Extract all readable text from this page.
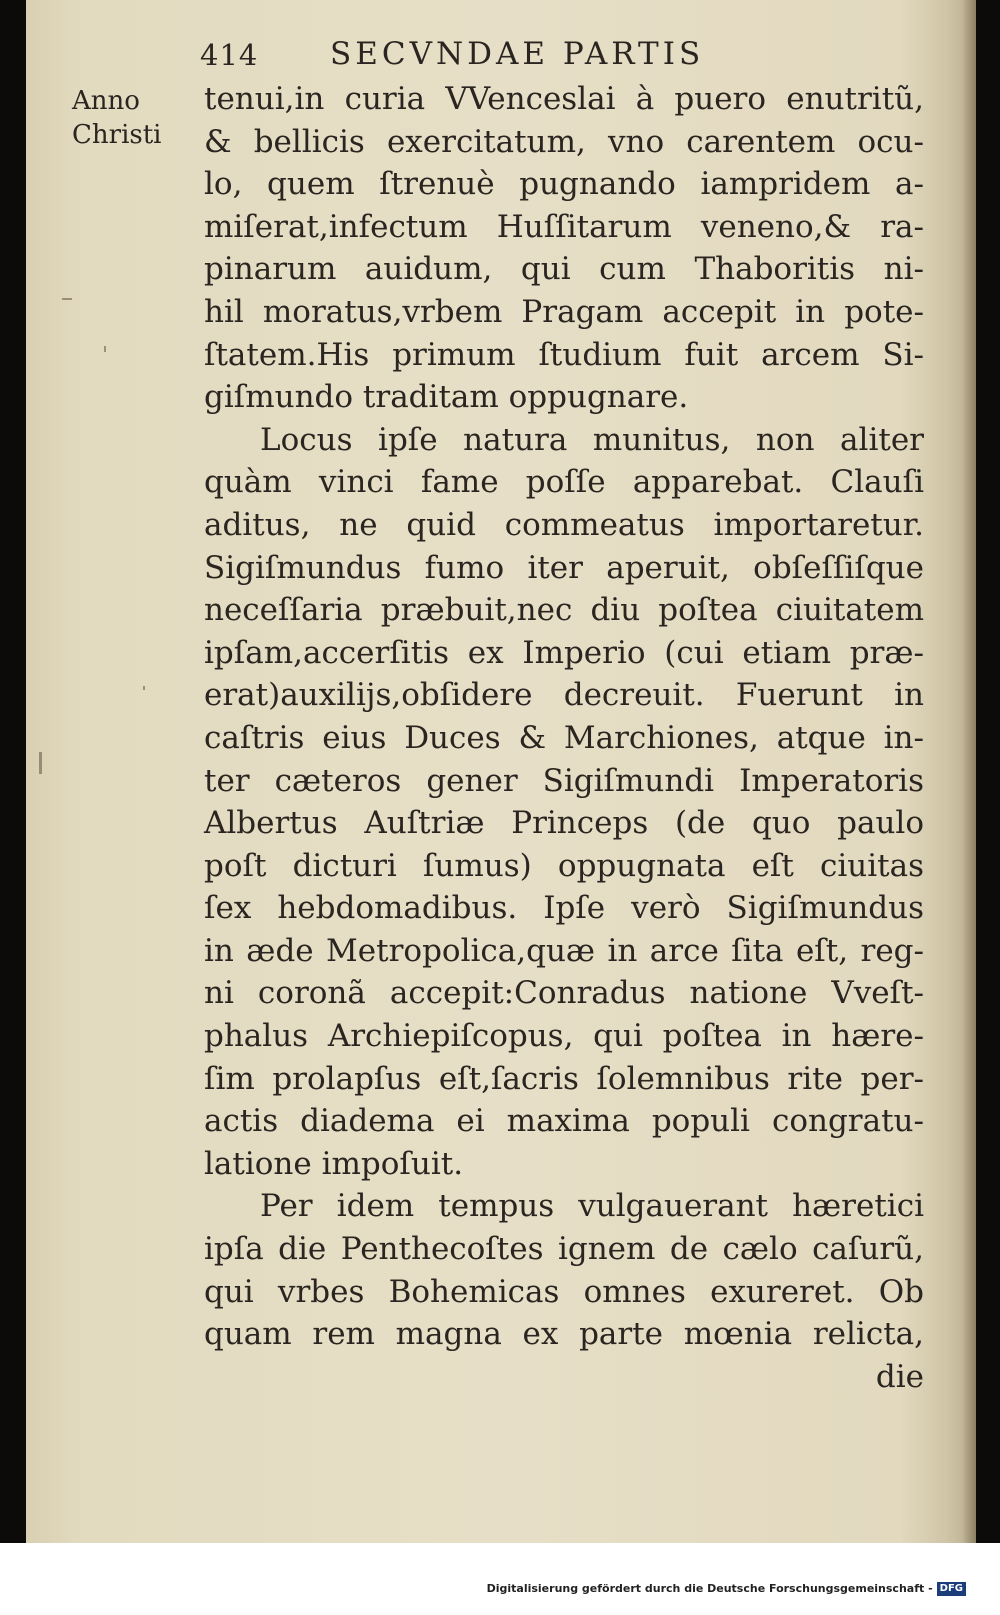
414 SECVNDAE PARTIS
Anno
Christi
tenui,in curia VVenceslai à puero enutritũ,
& bellicis exercitatum, vno carentem ocu-
lo, quem ſtrenuè pugnando iampridem a-
miſerat,infectum Huſſitarum veneno,& ra-
pinarum auidum, qui cum Thaboritis ni-
hil moratus,vrbem Pragam accepit in pote-
ſtatem.His primum ſtudium fuit arcem Si-
giſmundo traditam oppugnare.
Locus ipſe natura munitus, non aliter
quàm vinci fame poſſe apparebat. Clauſi
aditus, ne quid commeatus importaretur.
Sigiſmundus fumo iter aperuit, obſeſſiſque
neceſſaria præbuit,nec diu poſtea ciuitatem
ipſam,accerſitis ex Imperio (cui etiam præ-
erat)auxilijs,obſidere decreuit. Fuerunt in
caſtris eius Duces & Marchiones, atque in-
ter cæteros gener Sigiſmundi Imperatoris
Albertus Auſtriæ Princeps (de quo paulo
poſt dicturi ſumus) oppugnata eſt ciuitas
ſex hebdomadibus. Ipſe verò Sigiſmundus
in æde Metropolica,quæ in arce ſita eſt, reg-
ni coronã accepit:Conradus natione Vveſt-
phalus Archiepiſcopus, qui poſtea in hære-
ſim prolapſus eſt,ſacris ſolemnibus rite per-
actis diadema ei maxima populi congratu-
latione impoſuit.
Per idem tempus vulgauerant hæretici
ipſa die Penthecoſtes ignem de cælo caſurũ,
qui vrbes Bohemicas omnes exureret. Ob
quam rem magna ex parte mœnia relicta,
die
Digitalisierung gefördert durch die Deutsche Forschungsgemeinschaft - DFG
